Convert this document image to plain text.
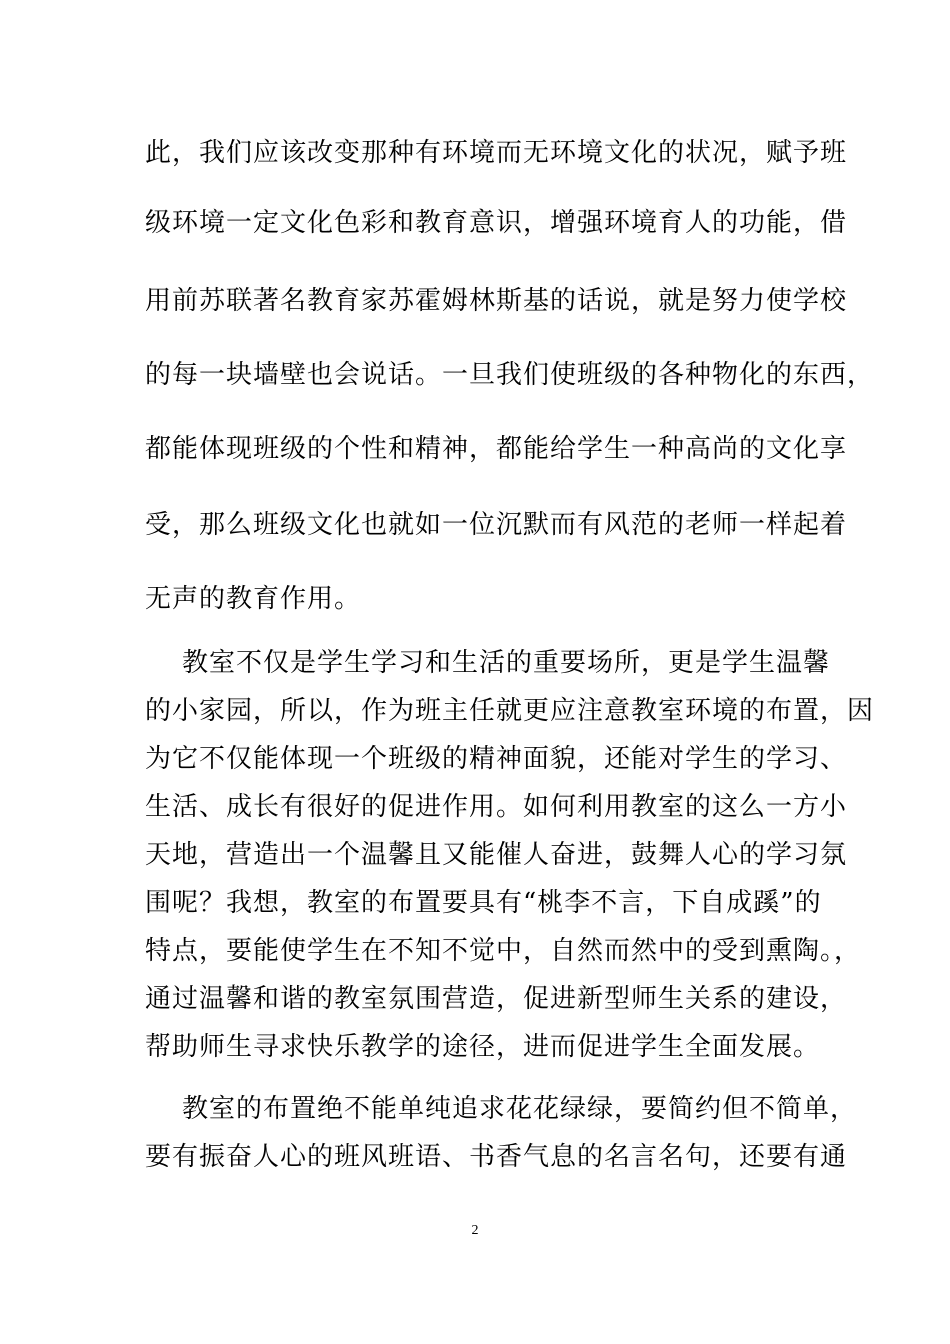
此，我们应该改变那种有环境而无环境文化的状况，赋予班
级环境一定文化色彩和教育意识，增强环境育人的功能，借
用前苏联著名教育家苏霍姆林斯基的话说，就是努力使学校
的每一块墙壁也会说话。一旦我们使班级的各种物化的东西，
都能体现班级的个性和精神，都能给学生一种高尚的文化享
受，那么班级文化也就如一位沉默而有风范的老师一样起着
无声的教育作用。
教室不仅是学生学习和生活的重要场所，更是学生温馨
的小家园，所以，作为班主任就更应注意教室环境的布置，因
为它不仅能体现一个班级的精神面貌，还能对学生的学习、
生活、成长有很好的促进作用。如何利用教室的这么一方小
天地，营造出一个温馨且又能催人奋进，鼓舞人心的学习氛
围呢？我想，教室的布置要具有“桃李不言，下自成蹊”的
特点，要能使学生在不知不觉中，自然而然中的受到熏陶。，
通过温馨和谐的教室氛围营造，促进新型师生关系的建设，
帮助师生寻求快乐教学的途径，进而促进学生全面发展。
教室的布置绝不能单纯追求花花绿绿，要简约但不简单，
要有振奋人心的班风班语、书香气息的名言名句，还要有通
2
